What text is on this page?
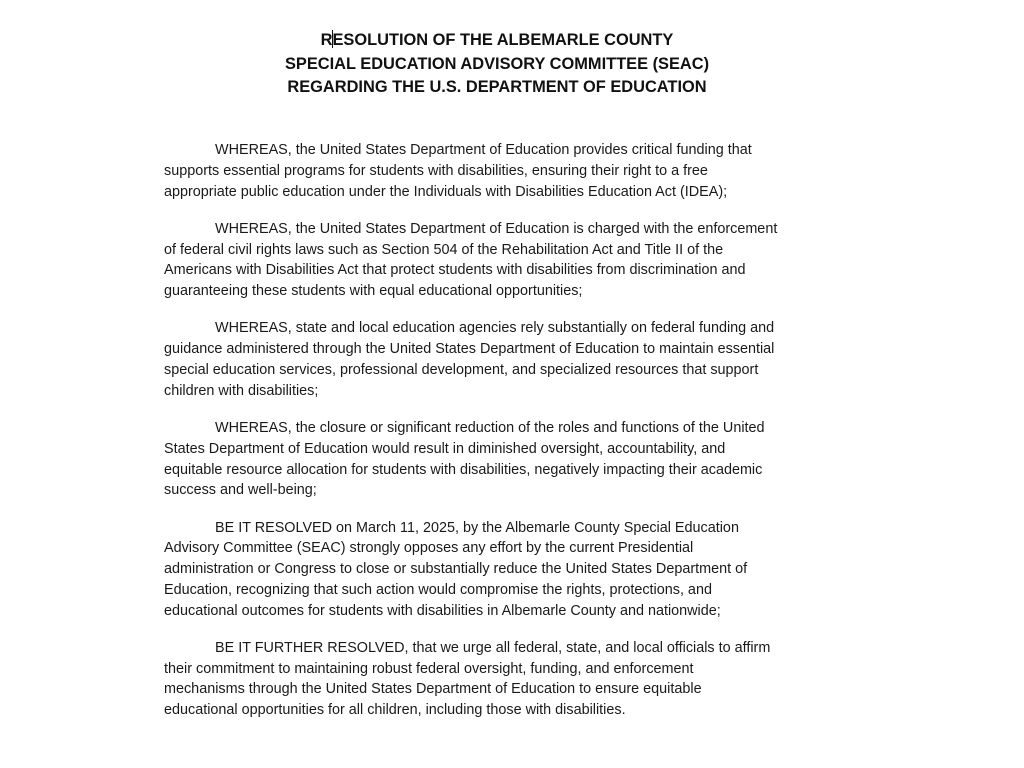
RESOLUTION OF THE ALBEMARLE COUNTY
SPECIAL EDUCATION ADVISORY COMMITTEE (SEAC)
REGARDING THE U.S. DEPARTMENT OF EDUCATION
WHEREAS, the United States Department of Education provides critical funding that
supports essential programs for students with disabilities, ensuring their right to a free
appropriate public education under the Individuals with Disabilities Education Act (IDEA);
WHEREAS, the United States Department of Education is charged with the enforcement
of federal civil rights laws such as Section 504 of the Rehabilitation Act and Title II of the
Americans with Disabilities Act that protect students with disabilities from discrimination and
guaranteeing these students with equal educational opportunities;
WHEREAS, state and local education agencies rely substantially on federal funding and
guidance administered through the United States Department of Education to maintain essential
special education services, professional development, and specialized resources that support
children with disabilities;
WHEREAS, the closure or significant reduction of the roles and functions of the United
States Department of Education would result in diminished oversight, accountability, and
equitable resource allocation for students with disabilities, negatively impacting their academic
success and well-being;
BE IT RESOLVED on March 11, 2025, by the Albemarle County Special Education
Advisory Committee (SEAC) strongly opposes any effort by the current Presidential
administration or Congress to close or substantially reduce the United States Department of
Education, recognizing that such action would compromise the rights, protections, and
educational outcomes for students with disabilities in Albemarle County and nationwide;
BE IT FURTHER RESOLVED, that we urge all federal, state, and local officials to affirm
their commitment to maintaining robust federal oversight, funding, and enforcement
mechanisms through the United States Department of Education to ensure equitable
educational opportunities for all children, including those with disabilities.
